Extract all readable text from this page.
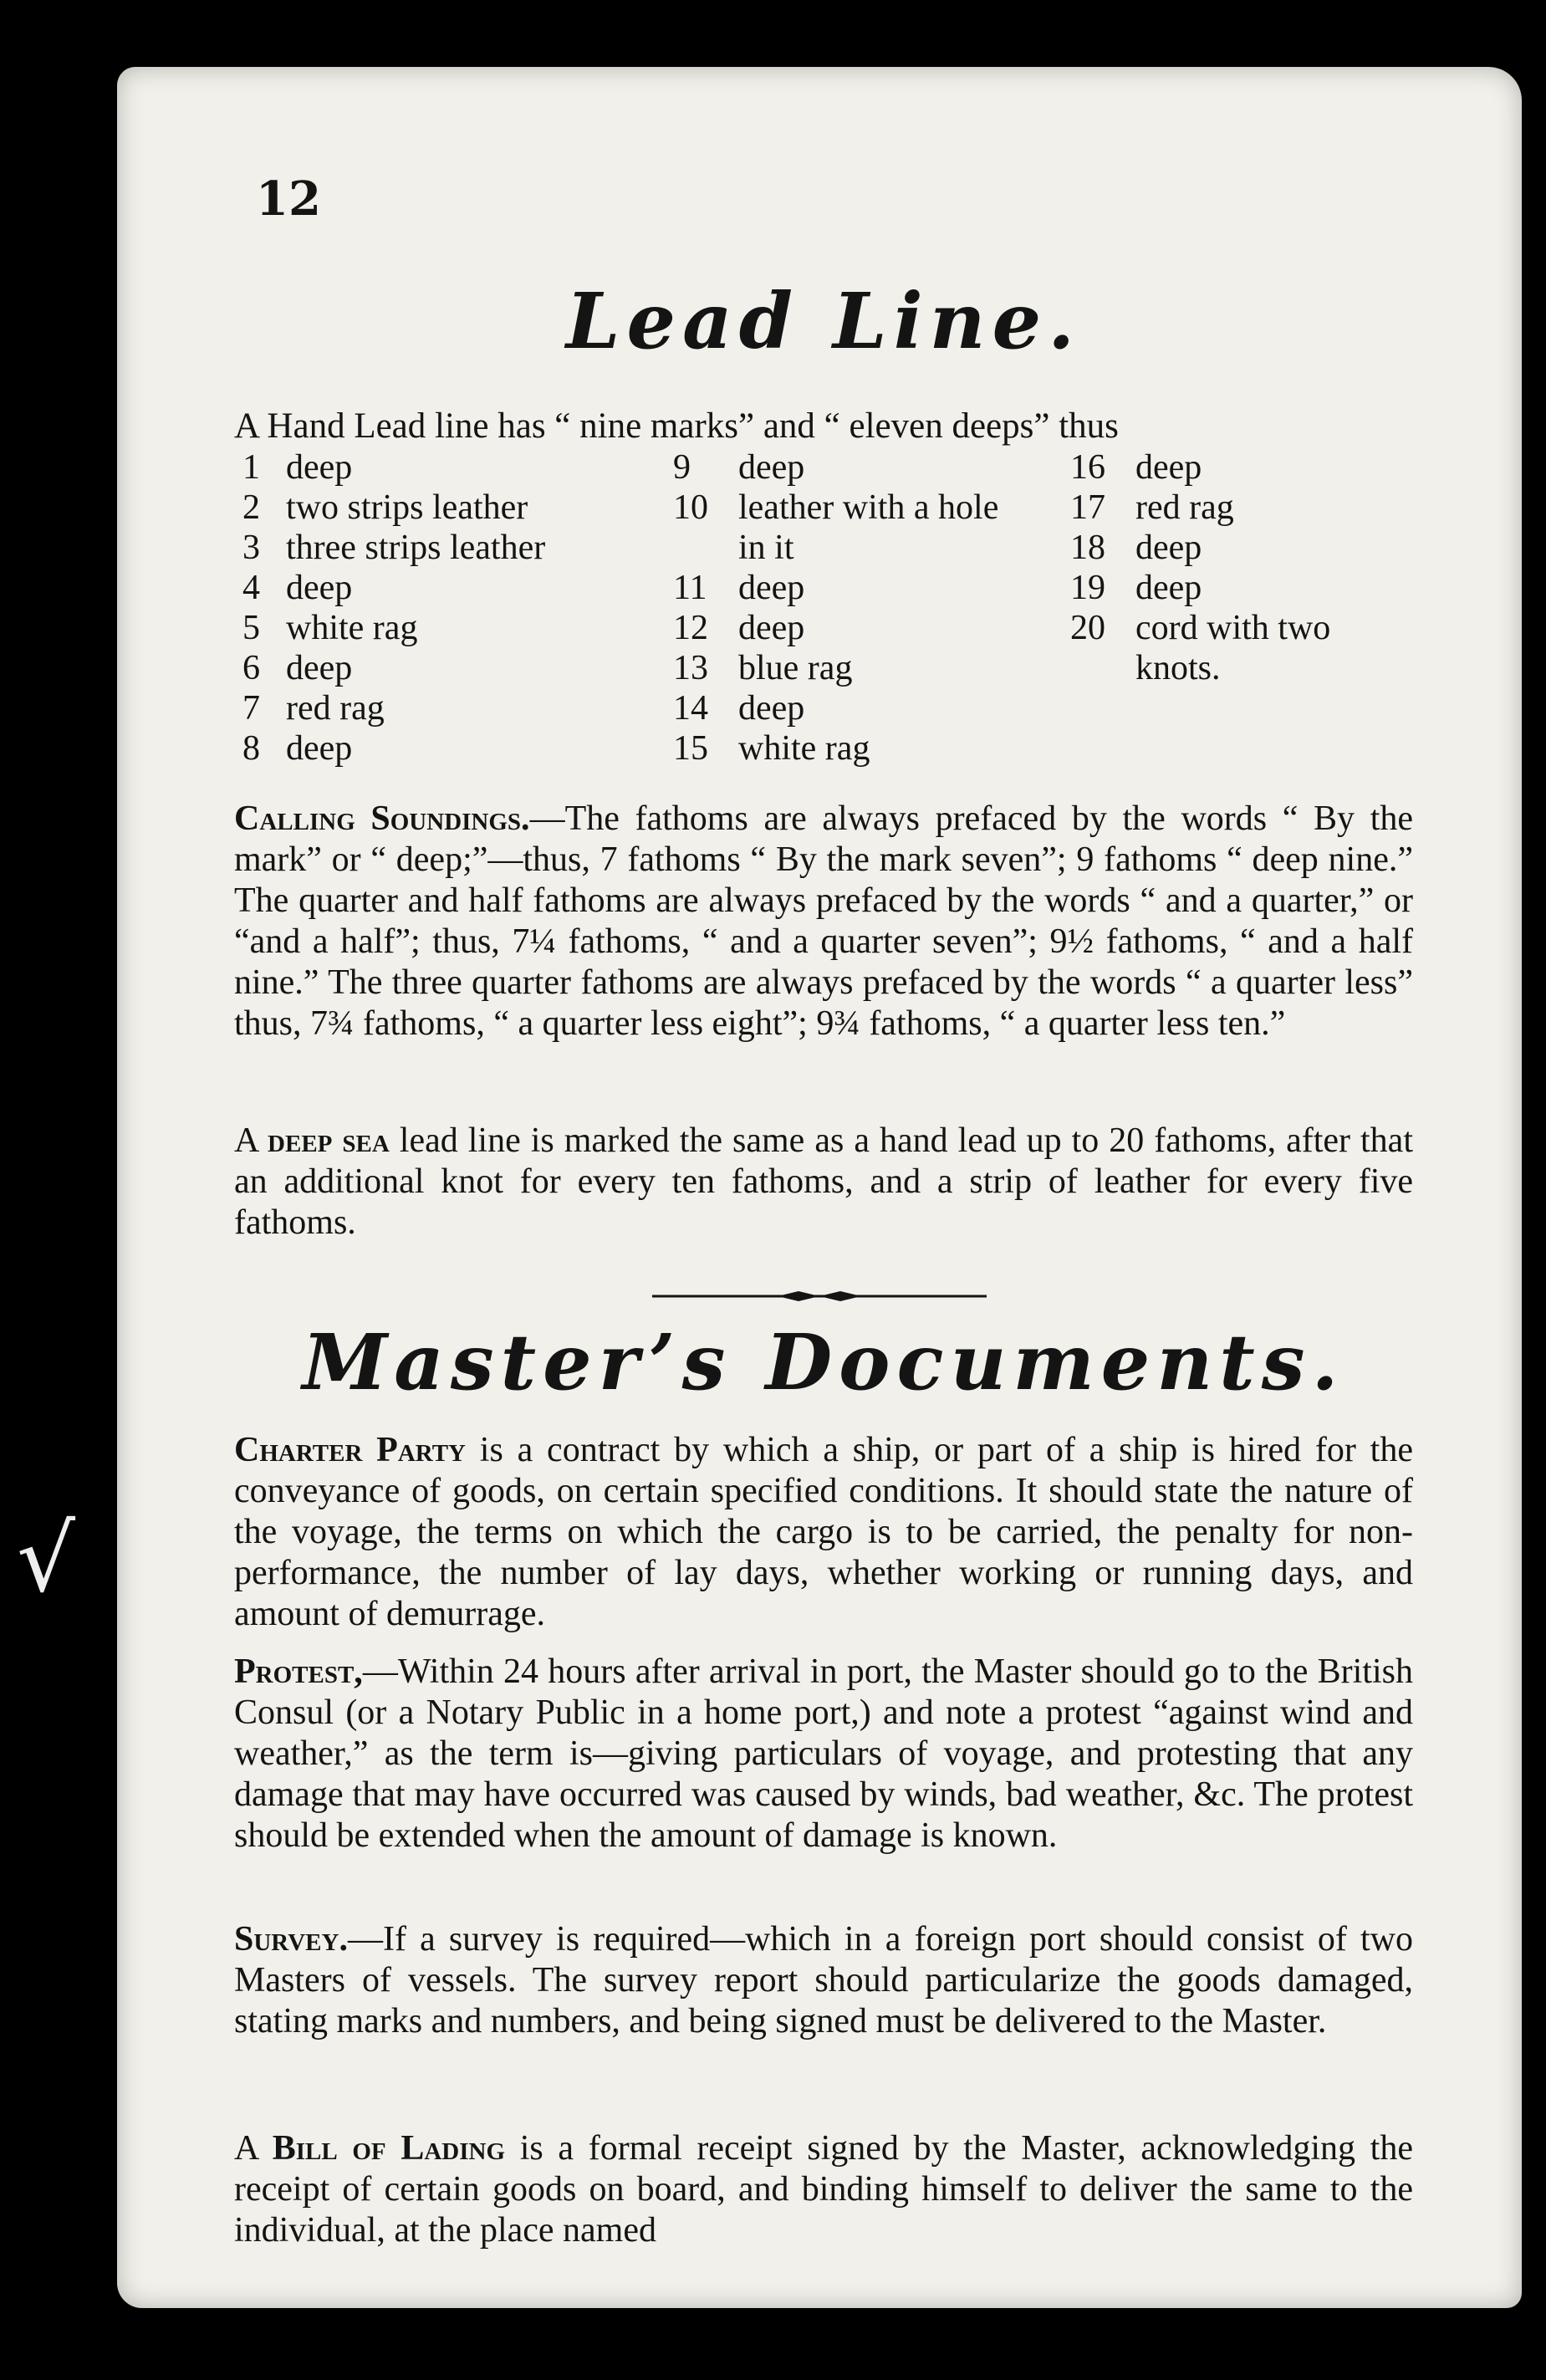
12
Lead Line.
A Hand Lead line has “ nine marks” and “ eleven deeps” thus
1 deep
2 two strips leather
3 three strips leather
4 deep
5 white rag
6 deep
7 red rag
8 deep
9	deep
10 leather with a hole in it
11 deep
12 deep
13 blue rag
14 deep
15 white rag
16 deep
17 red rag
18 deep
19 deep
20 cord with two knots.

Calling Soundings.—The fathoms are always prefaced by the words “ By the mark” or “ deep;”—thus, 7 fathoms “ By the mark seven”; 9 fathoms “ deep nine.” The quarter and half fathoms are always prefaced by the words “ and a quarter,” or “and a half”; thus, 7¼ fathoms, “ and a quarter seven”; 9½ fathoms, “ and a half nine.” The three quarter fathoms are always prefaced by the words “ a quarter less” thus, 7¾ fathoms, “ a quarter less eight”; 9¾ fathoms, “ a quarter less ten.”

A deep sea lead line is marked the same as a hand lead up to 20 fathoms, after that an additional knot for every ten fathoms, and a strip of leather for every five fathoms.

Master’s Documents.

Charter Party is a contract by which a ship, or part of a ship is hired for the conveyance of goods, on certain specified conditions. It should state the nature of the voyage, the terms on which the cargo is to be carried, the penalty for non-performance, the number of lay days, whether working or running days, and amount of demurrage.

Protest,—Within 24 hours after arrival in port, the Master should go to the British Consul (or a Notary Public in a home port,) and note a protest “against wind and weather,” as the term is—giving particulars of voyage, and protesting that any damage that may have occurred was caused by winds, bad weather, &c. The protest should be extended when the amount of damage is known.

Survey.—If a survey is required—which in a foreign port should consist of two Masters of vessels. The survey report should particularize the goods damaged, stating marks and numbers, and being signed must be delivered to the Master.

A Bill of Lading is a formal receipt signed by the Master, acknowledging the receipt of certain goods on board, and binding himself to deliver the same to the individual, at the place named

√
